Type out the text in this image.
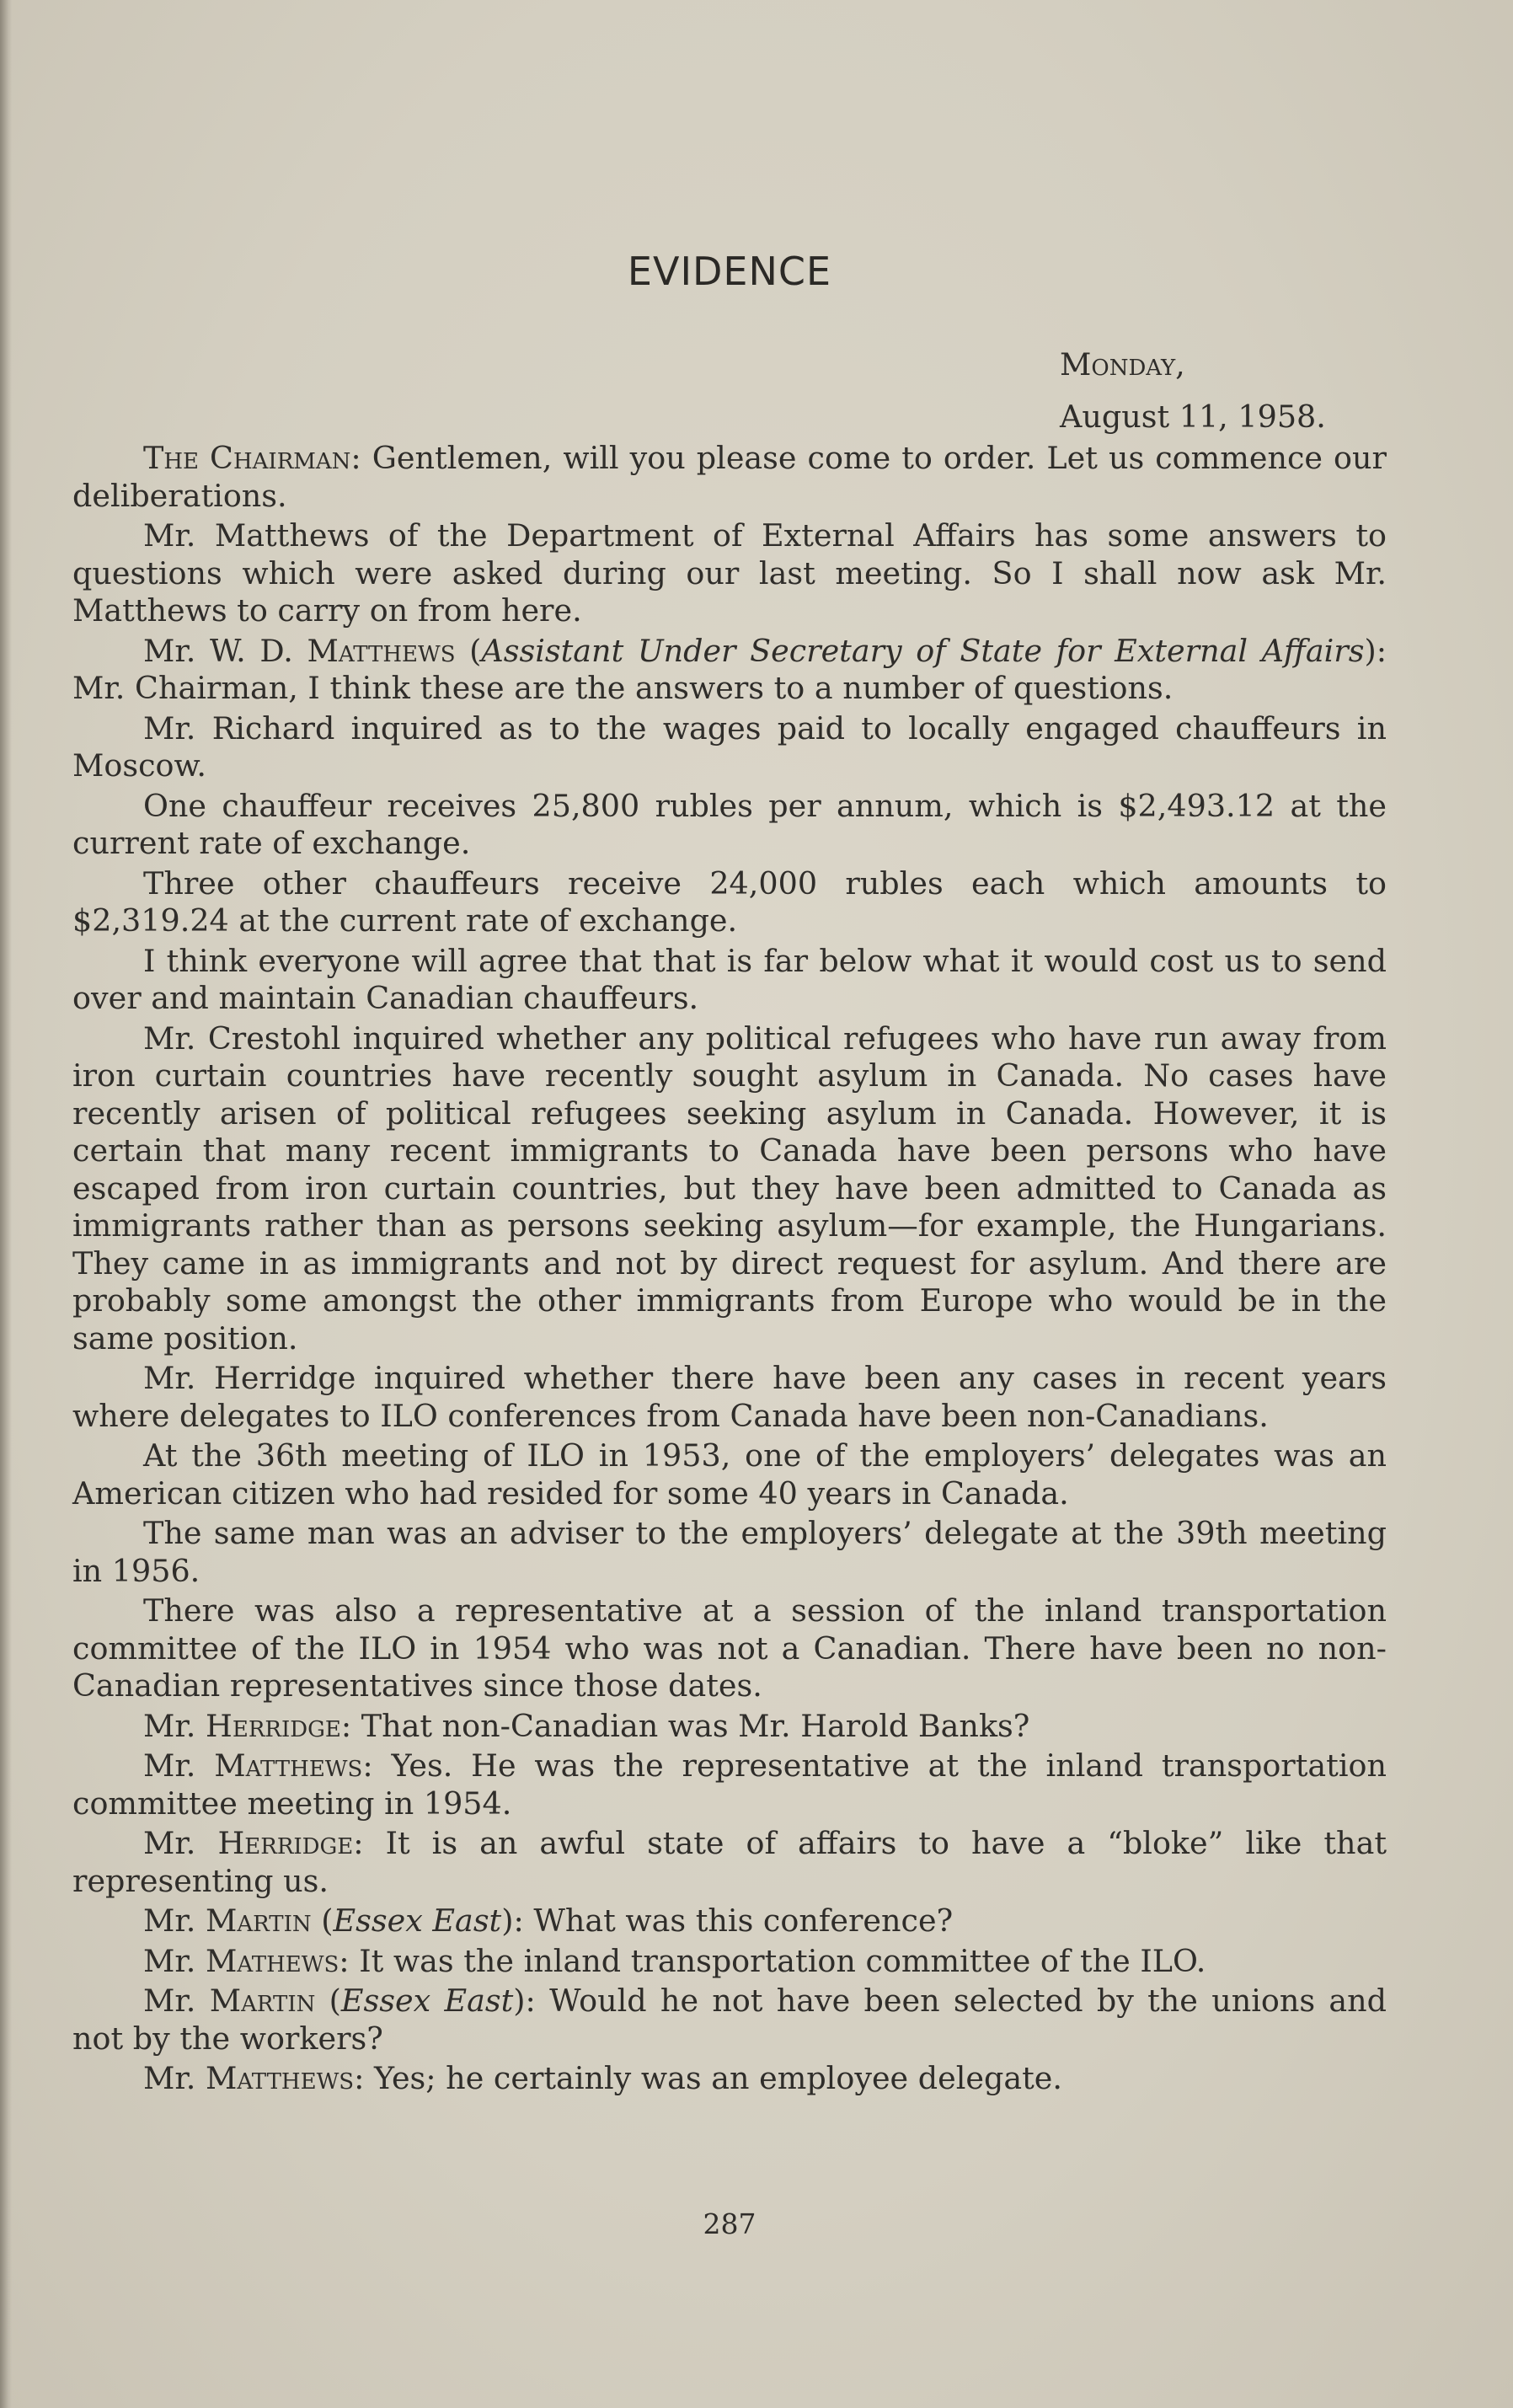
EVIDENCE
Monday,
August 11, 1958.

The Chairman: Gentlemen, will you please come to order. Let us commence our deliberations.

Mr. Matthews of the Department of External Affairs has some answers to questions which were asked during our last meeting. So I shall now ask Mr. Matthews to carry on from here.

Mr. W. D. Matthews (Assistant Under Secretary of State for External Affairs): Mr. Chairman, I think these are the answers to a number of questions.

Mr. Richard inquired as to the wages paid to locally engaged chauffeurs in Moscow.

One chauffeur receives 25,800 rubles per annum, which is $2,493.12 at the current rate of exchange.

Three other chauffeurs receive 24,000 rubles each which amounts to $2,319.24 at the current rate of exchange.

I think everyone will agree that that is far below what it would cost us to send over and maintain Canadian chauffeurs.

Mr. Crestohl inquired whether any political refugees who have run away from iron curtain countries have recently sought asylum in Canada. No cases have recently arisen of political refugees seeking asylum in Canada. However, it is certain that many recent immigrants to Canada have been persons who have escaped from iron curtain countries, but they have been admitted to Canada as immigrants rather than as persons seeking asylum—for example, the Hungarians. They came in as immigrants and not by direct request for asylum. And there are probably some amongst the other immigrants from Europe who would be in the same position.

Mr. Herridge inquired whether there have been any cases in recent years where delegates to ILO conferences from Canada have been non-Canadians.

At the 36th meeting of ILO in 1953, one of the employers’ delegates was an American citizen who had resided for some 40 years in Canada.

The same man was an adviser to the employers’ delegate at the 39th meeting in 1956.

There was also a representative at a session of the inland transportation committee of the ILO in 1954 who was not a Canadian. There have been no non-Canadian representatives since those dates.

Mr. Herridge: That non-Canadian was Mr. Harold Banks?

Mr. Matthews: Yes. He was the representative at the inland transportation committee meeting in 1954.

Mr. Herridge: It is an awful state of affairs to have a “bloke” like that representing us.

Mr. Martin (Essex East): What was this conference?

Mr. Mathews: It was the inland transportation committee of the ILO.

Mr. Martin (Essex East): Would he not have been selected by the unions and not by the workers?

Mr. Matthews: Yes; he certainly was an employee delegate.

287
